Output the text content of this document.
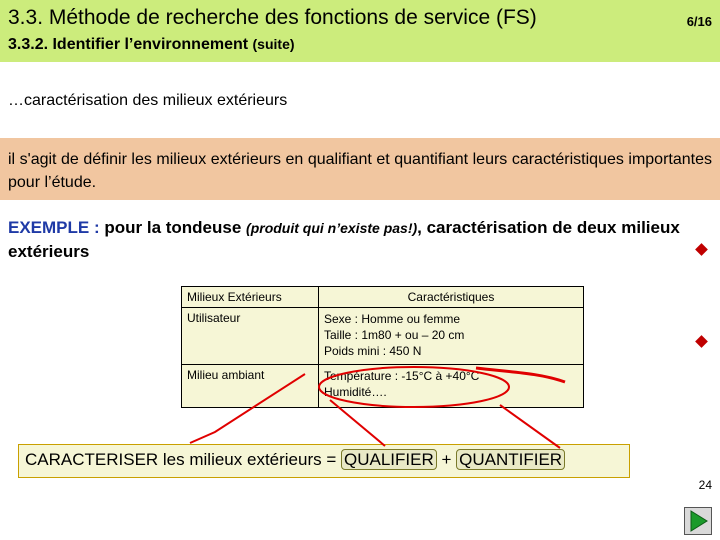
3.3. Méthode de recherche des fonctions de service (FS)	6/16
3.3.2. Identifier l’environnement (suite)
…caractérisation des milieux extérieurs
il s'agit de définir les milieux extérieurs en qualifiant et quantifiant leurs caractéristiques importantes pour l’étude.
EXEMPLE : pour la tondeuse (produit qui n’existe pas!), caractérisation de deux milieux extérieurs
Milieux Extérieurs	Caractéristiques
Utilisateur	Sexe : Homme ou femme
Taille : 1m80 + ou – 20 cm
Poids mini : 450 N

Milieu ambiant	Température : -15°C à +40°C
Humidité….
CARACTERISER les milieux extérieurs = QUALIFIER + QUANTIFIER
24
